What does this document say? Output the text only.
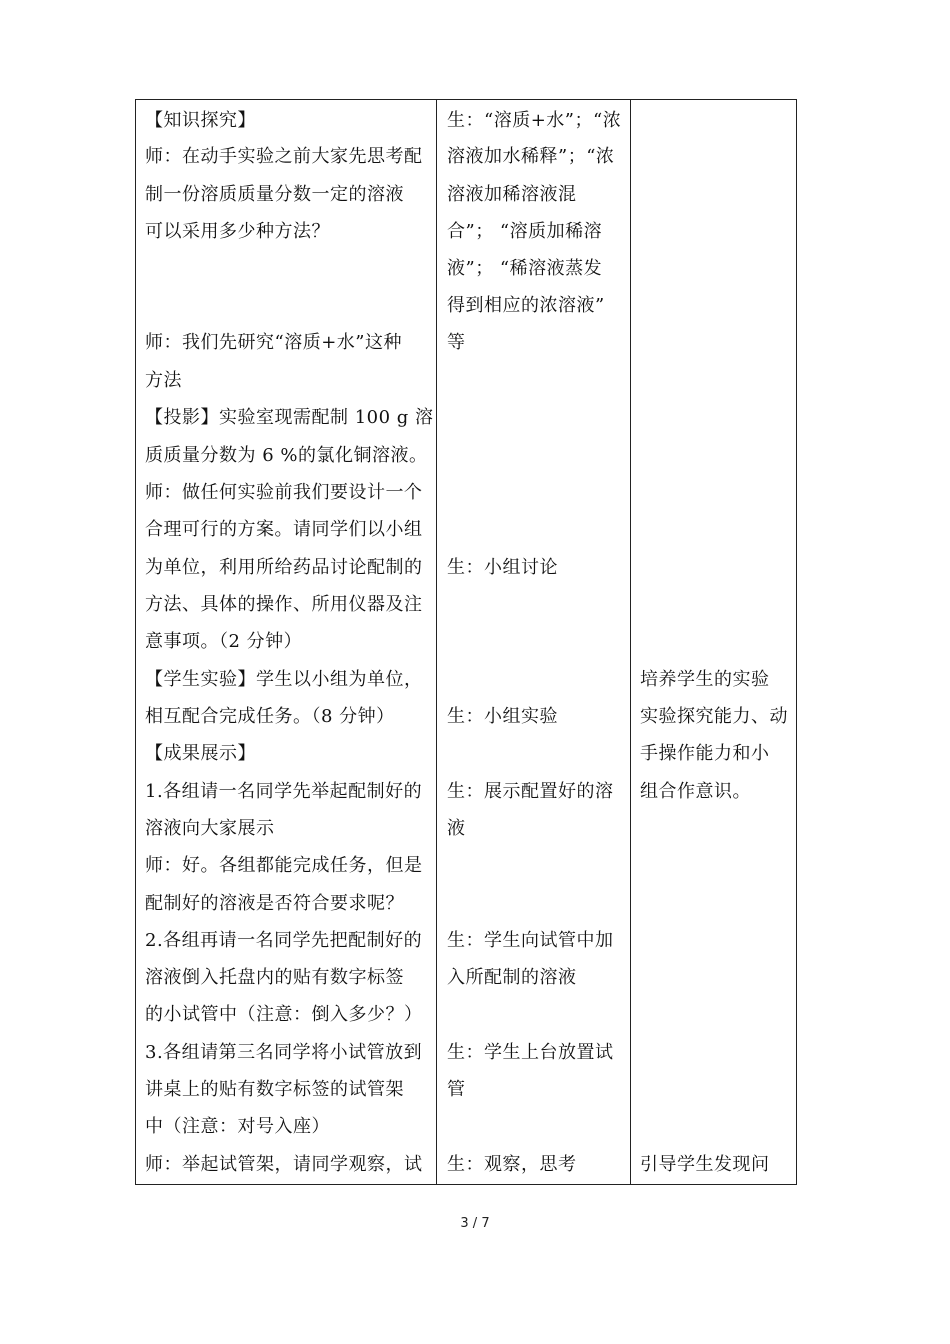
【知识探究】
师：在动手实验之前大家先思考配
制一份溶质质量分数一定的溶液
可以采用多少种方法？
师：我们先研究“溶质+水”这种
方法
【投影】实验室现需配制 100 g 溶
质质量分数为 6 %的氯化铜溶液。
师：做任何实验前我们要设计一个
合理可行的方案。请同学们以小组
为单位，利用所给药品讨论配制的
方法、具体的操作、所用仪器及注
意事项。（2 分钟）
【学生实验】学生以小组为单位，
相互配合完成任务。（8 分钟）
【成果展示】
1.各组请一名同学先举起配制好的
溶液向大家展示
师：好。各组都能完成任务，但是
配制好的溶液是否符合要求呢？
2.各组再请一名同学先把配制好的
溶液倒入托盘内的贴有数字标签
的小试管中（注意：倒入多少？）
3.各组请第三名同学将小试管放到
讲桌上的贴有数字标签的试管架
中（注意：对号入座）
师：举起试管架，请同学观察，试
生：“溶质+水”；“浓
溶液加水稀释”；“浓
溶液加稀溶液混
合”； “溶质加稀溶
液”； “稀溶液蒸发
得到相应的浓溶液”
等
生：小组讨论
生：小组实验
生：展示配置好的溶
液
生：学生向试管中加
入所配制的溶液
生：学生上台放置试
管
生：观察，思考
培养学生的实验
实验探究能力、动
手操作能力和小
组合作意识。
引导学生发现问
3 / 7
